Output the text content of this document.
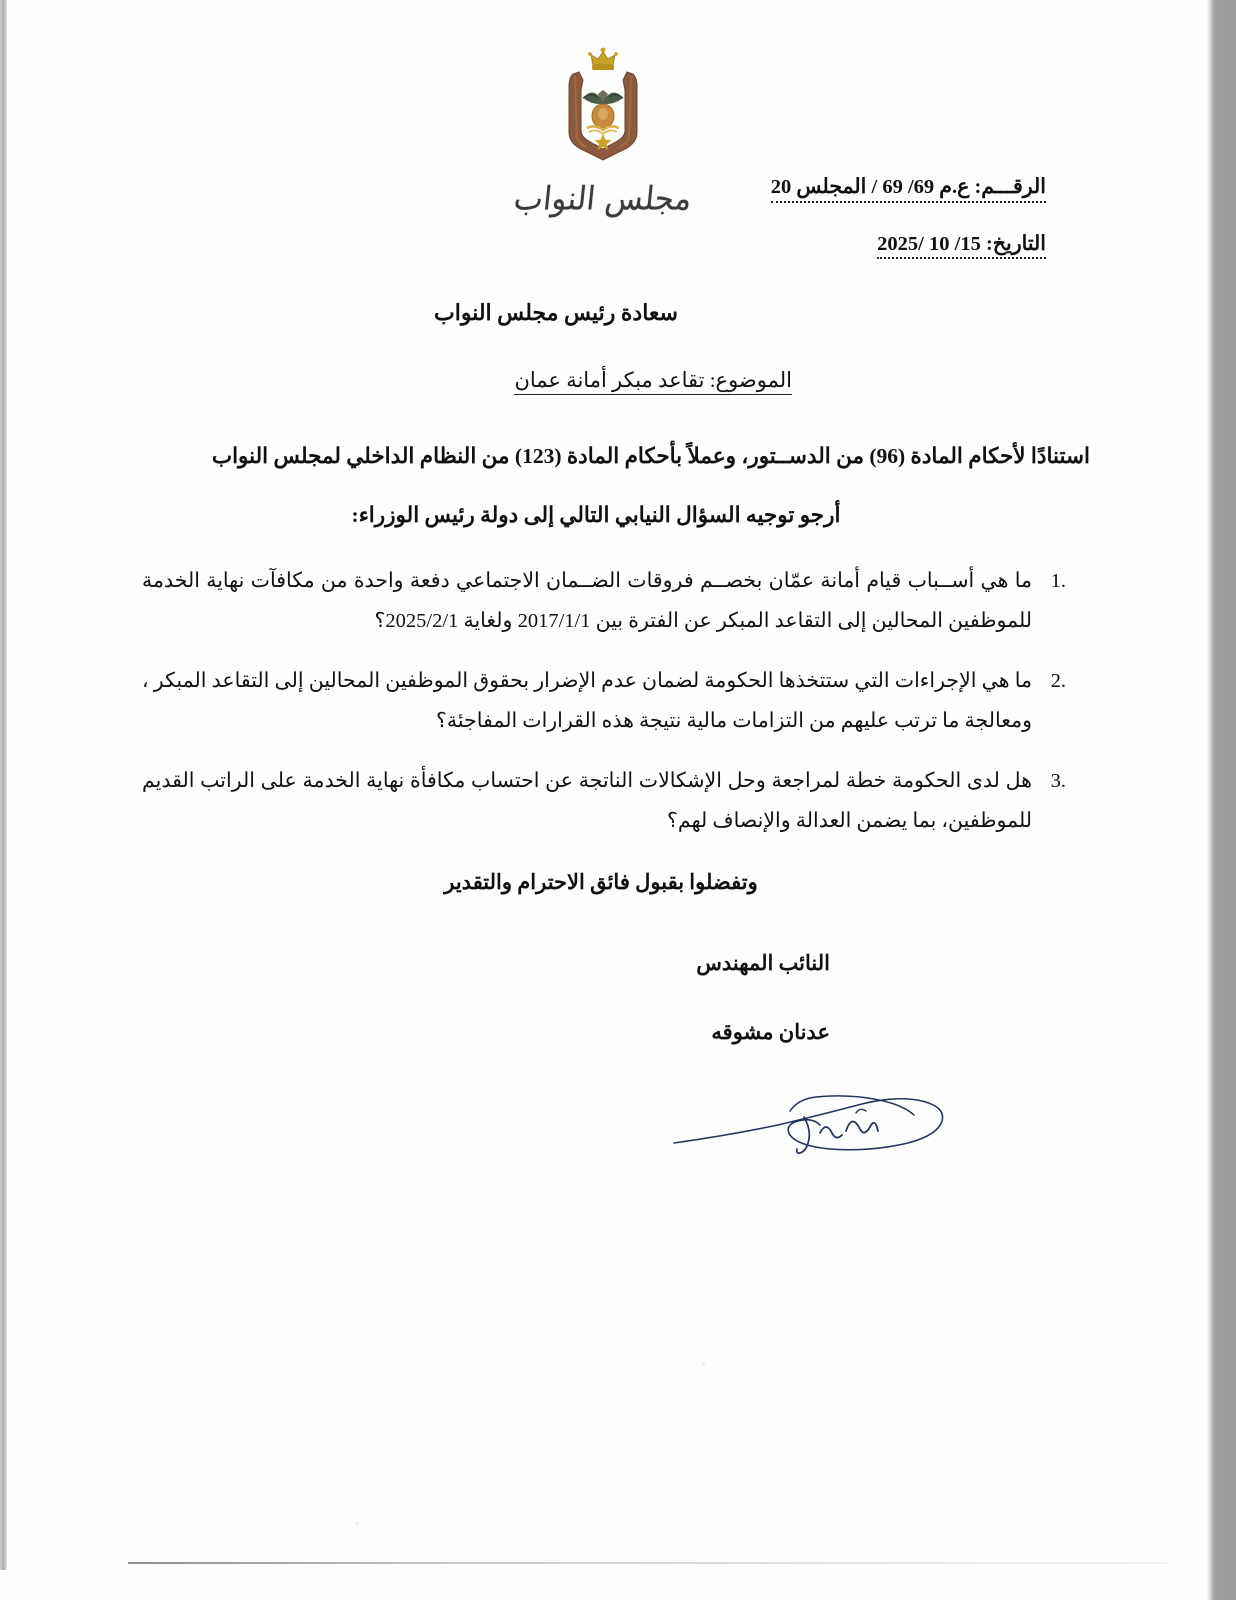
مجلس النواب	الرقـــم: ع.م 69/ 69 / المجلس 20
التاريخ: 15/ 10 /2025
سعادة رئيس مجلس النواب
الموضوع: تقاعد مبكر أمانة عمان
استنادًا لأحكام المادة (96) من الدســتور، وعملاً بأحكام المادة (123) من النظام الداخلي لمجلس النواب
أرجو توجيه السؤال النيابي التالي إلى دولة رئيس الوزراء:
1.
ما هي أســباب قيام أمانة عمّان بخصــم فروقات الضــمان الاجتماعي دفعة واحدة من مكافآت نهاية الخدمة للموظفين المحالين إلى التقاعد المبكر عن الفترة بين 2017/1/1 ولغاية 2025/2/1؟
2.
ما هي الإجراءات التي ستتخذها الحكومة لضمان عدم الإضرار بحقوق الموظفين المحالين إلى التقاعد المبكر ، ومعالجة ما ترتب عليهم من التزامات مالية نتيجة هذه القرارات المفاجئة؟
3.
هل لدى الحكومة خطة لمراجعة وحل الإشكالات الناتجة عن احتساب مكافأة نهاية الخدمة على الراتب القديم للموظفين، بما يضمن العدالة والإنصاف لهم؟
وتفضلوا بقبول فائق الاحترام والتقدير
النائب المهندس
عدنان مشوقه
